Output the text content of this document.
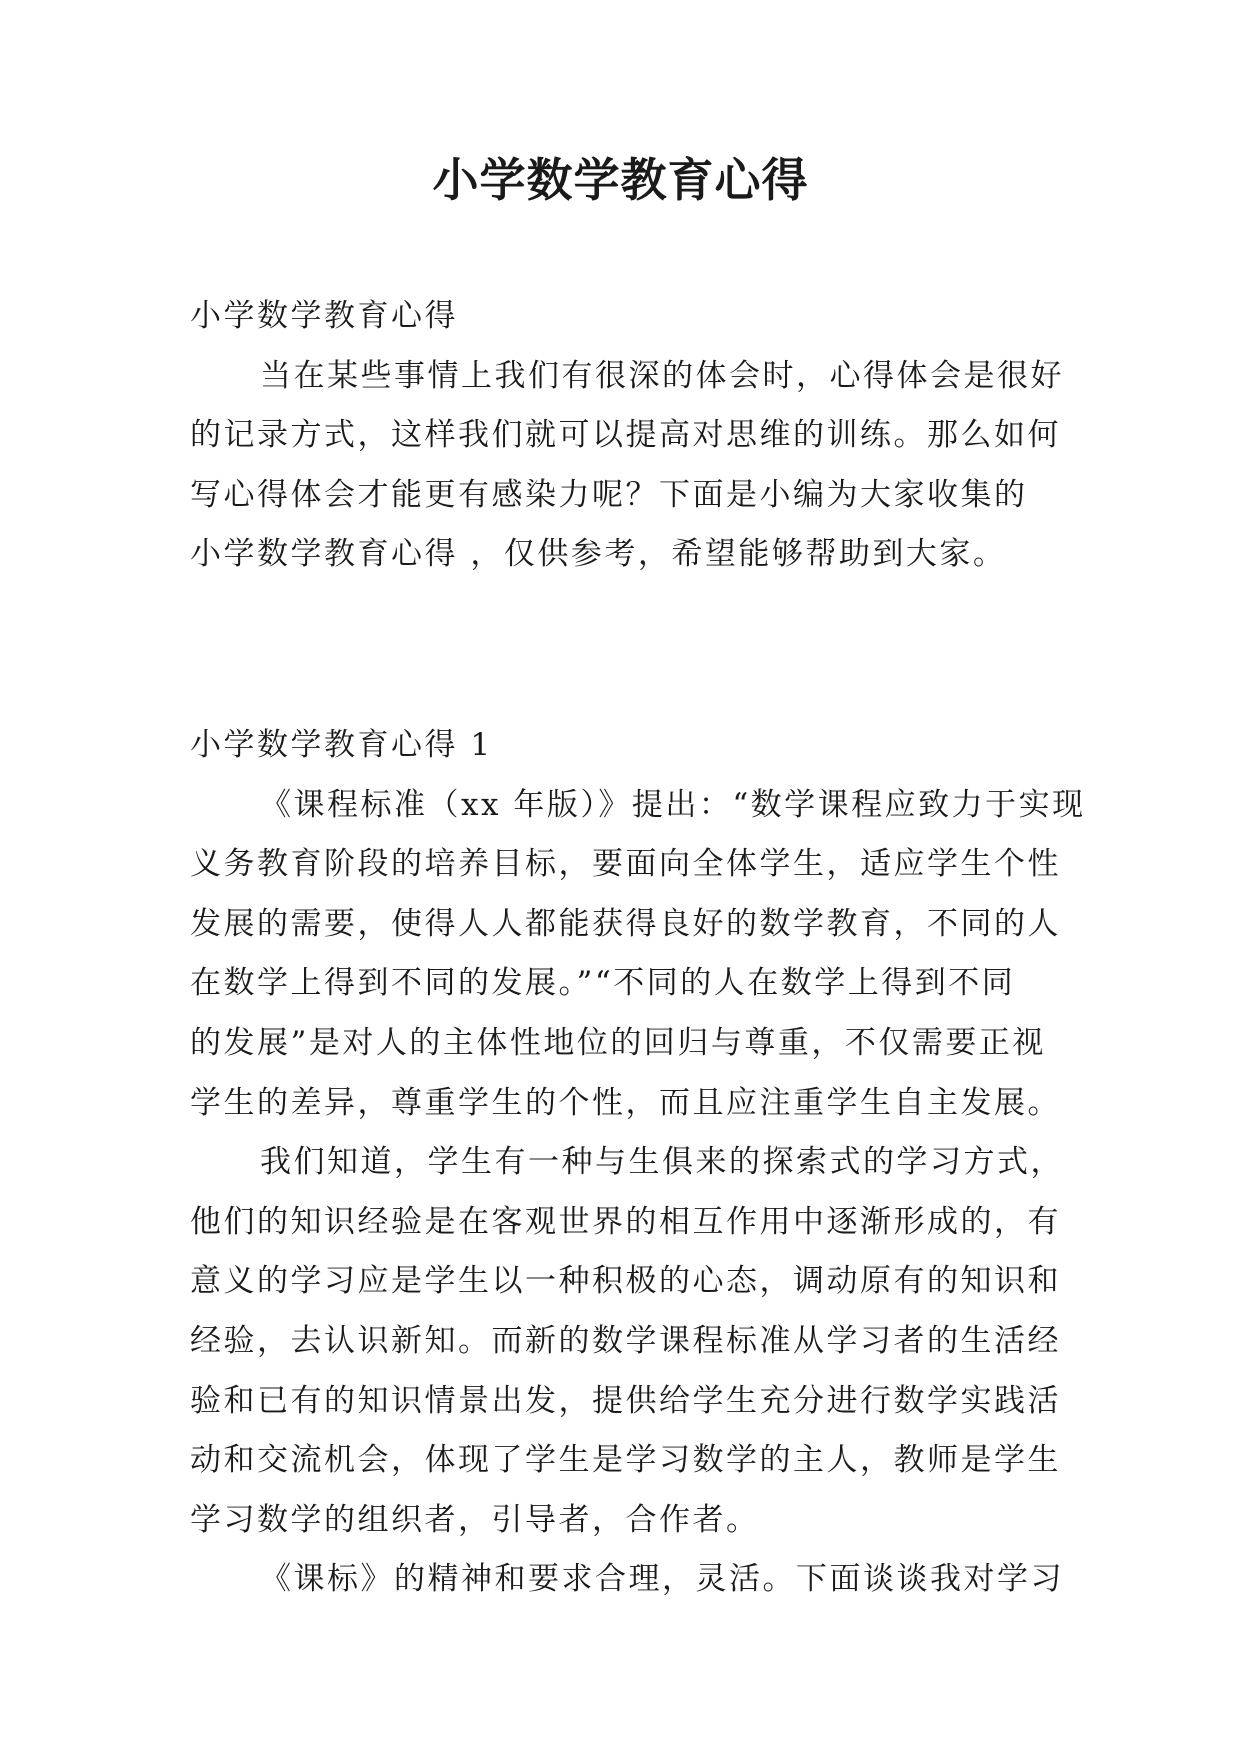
小学数学教育心得
小学数学教育心得
当在某些事情上我们有很深的体会时，心得体会是很好
的记录方式，这样我们就可以提高对思维的训练。那么如何
写心得体会才能更有感染力呢？下面是小编为大家收集的
小学数学教育心得 ，仅供参考，希望能够帮助到大家。
小学数学教育心得 1
《课程标准（xx 年版）》提出：“数学课程应致力于实现
义务教育阶段的培养目标，要面向全体学生，适应学生个性
发展的需要，使得人人都能获得良好的数学教育，不同的人
在数学上得到不同的发展。”“不同的人在数学上得到不同
的发展”是对人的主体性地位的回归与尊重，不仅需要正视
学生的差异，尊重学生的个性，而且应注重学生自主发展。
我们知道，学生有一种与生俱来的探索式的学习方式，
他们的知识经验是在客观世界的相互作用中逐渐形成的，有
意义的学习应是学生以一种积极的心态，调动原有的知识和
经验，去认识新知。而新的数学课程标准从学习者的生活经
验和已有的知识情景出发，提供给学生充分进行数学实践活
动和交流机会，体现了学生是学习数学的主人，教师是学生
学习数学的组织者，引导者，合作者。
《课标》的精神和要求合理，灵活。下面谈谈我对学习
